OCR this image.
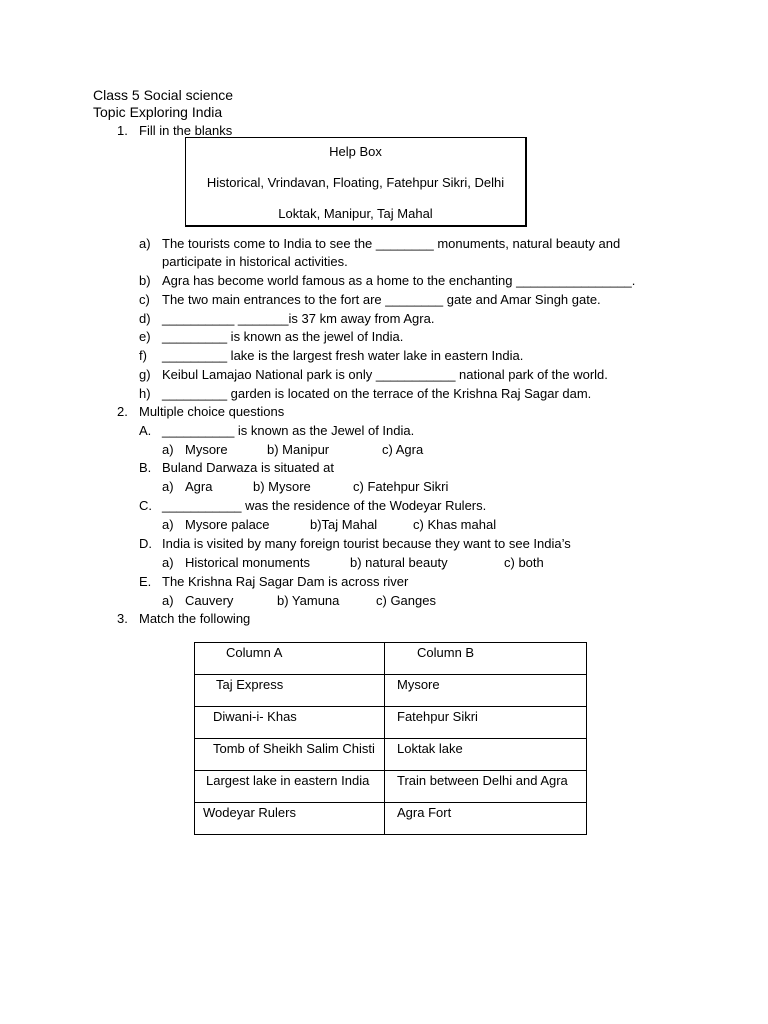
Class 5 Social science
Topic Exploring India
1. Fill in the blanks
Help Box
Historical, Vrindavan, Floating, Fatehpur Sikri, Delhi
Loktak, Manipur, Taj Mahal
a) The tourists come to India to see the ________ monuments, natural beauty and
participate in historical activities.
b) Agra has become world famous as a home to the enchanting ________________.
c) The two main entrances to the fort are ________ gate and Amar Singh gate.
d) __________ _______is 37 km away from Agra.
e) _________ is known as the jewel of India.
f) _________ lake is the largest fresh water lake in eastern India.
g) Keibul Lamajao National park is only ___________ national park of the world.
h) _________ garden is located on the terrace of the Krishna Raj Sagar dam.
2. Multiple choice questions
A. __________ is known as the Jewel of India.
a) Mysore	b) Manipur	c) Agra
B. Buland Darwaza is situated at
a) Agra	b) Mysore	c) Fatehpur Sikri
C. ___________ was the residence of the Wodeyar Rulers.
a) Mysore palace	b)Taj Mahal	c) Khas mahal
D. India is visited by many foreign tourist because they want to see India’s
a) Historical monuments	b) natural beauty	c) both
E. The Krishna Raj Sagar Dam is across river
a) Cauvery	b) Yamuna	c) Ganges
3. Match the following
Column A	Column B

Taj Express	Mysore

Diwani-i- Khas	Fatehpur Sikri

Tomb of Sheikh Salim Chisti	Loktak lake

Largest lake in eastern India	Train between Delhi and Agra

Wodeyar Rulers	Agra Fort
